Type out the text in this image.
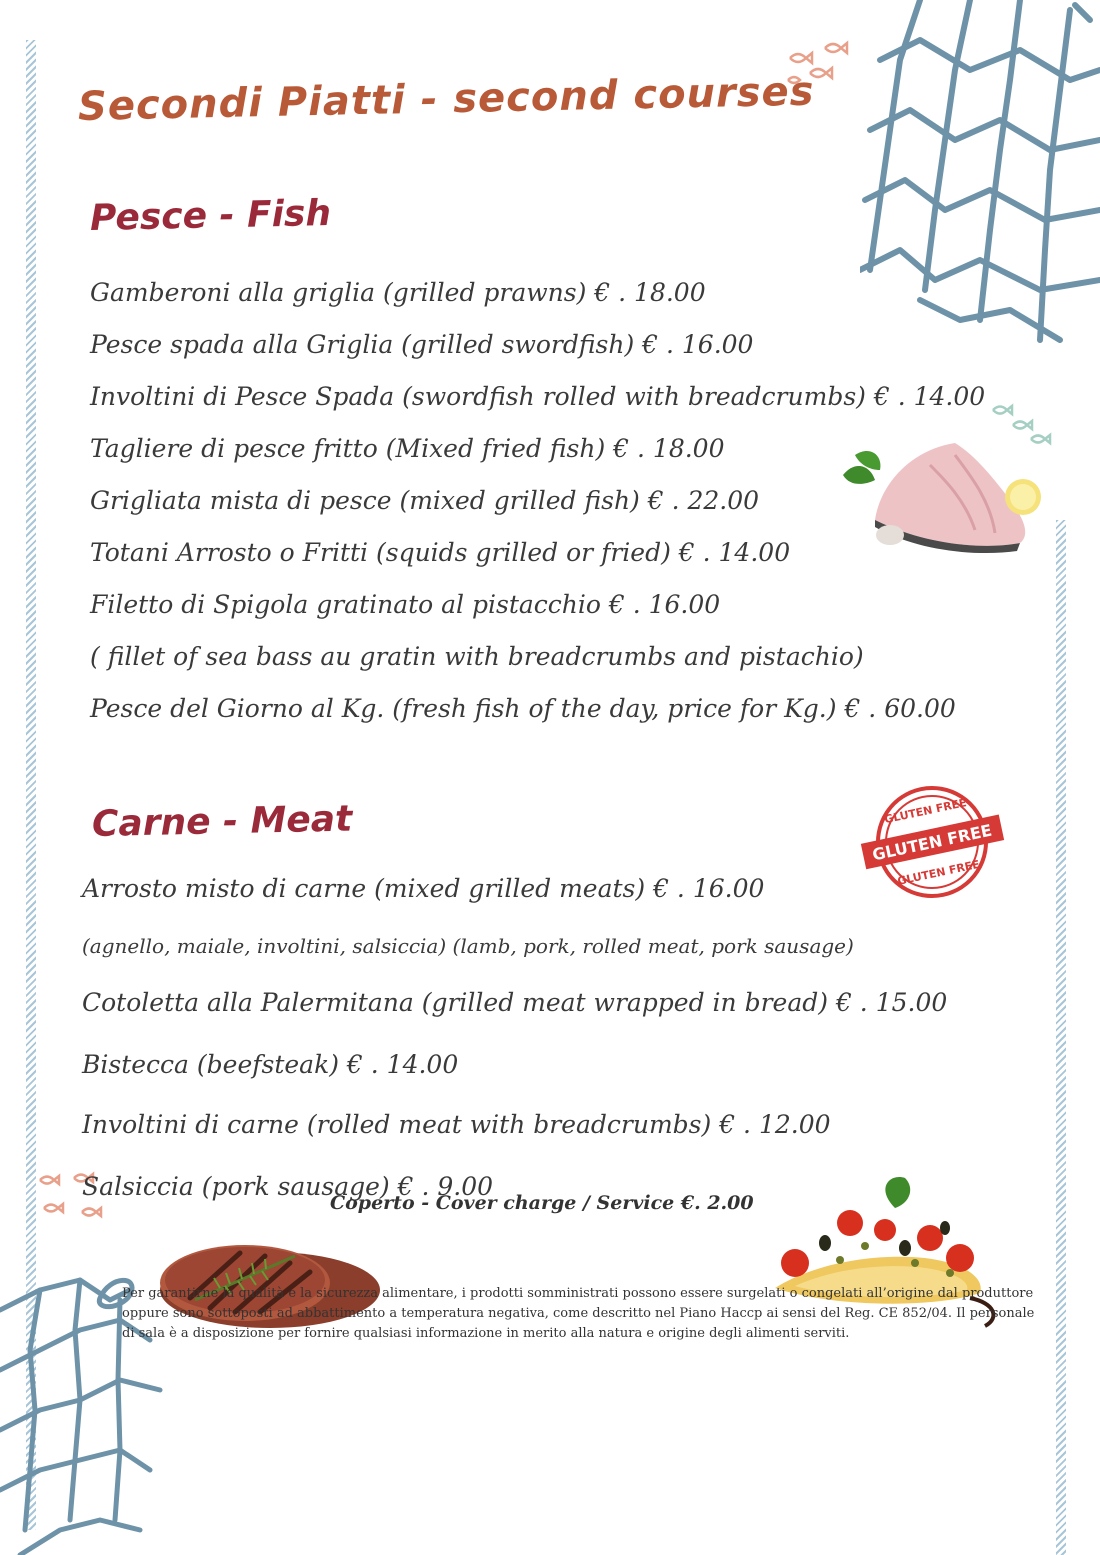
Secondi Piatti - second courses
Pesce - Fish

Gamberoni alla griglia (grilled prawns) € . 18.00

Pesce spada alla Griglia (grilled swordfish) € . 16.00

Involtini di Pesce Spada (swordfish rolled with breadcrumbs) € . 14.00

Tagliere di pesce fritto (Mixed fried fish) € . 18.00

Grigliata mista di pesce (mixed grilled fish) € . 22.00

Totani Arrosto o Fritti (squids grilled or fried) € . 14.00

Filetto di Spigola gratinato al pistacchio € . 16.00

( fillet of sea bass au gratin with breadcrumbs and pistachio)

Pesce del Giorno al Kg. (fresh fish of the day, price for Kg.) € . 60.00

Carne - Meat

Arrosto misto di carne (mixed grilled meats) € . 16.00

(agnello, maiale, involtini, salsiccia) (lamb, pork, rolled meat, pork sausage)

Cotoletta alla Palermitana (grilled meat wrapped in bread) € . 15.00

Bistecca (beefsteak) € . 14.00

Involtini di carne (rolled meat with breadcrumbs) € . 12.00

Salsiccia (pork sausage) € . 9.00

GLUTEN FREE
GLUTEN FREE
GLUTEN FREE

Coperto - Cover charge / Service €. 2.00

Per garantirne la qualità e la sicurezza alimentare, i prodotti somministrati possono essere surgelati o congelati all’origine dal produttore oppure sono sottoposti ad abbattimento a temperatura negativa, come descritto nel Piano Haccp ai sensi del Reg. CE 852/04. Il personale di sala è a disposizione per fornire qualsiasi informazione in merito alla natura e origine degli alimenti serviti.
